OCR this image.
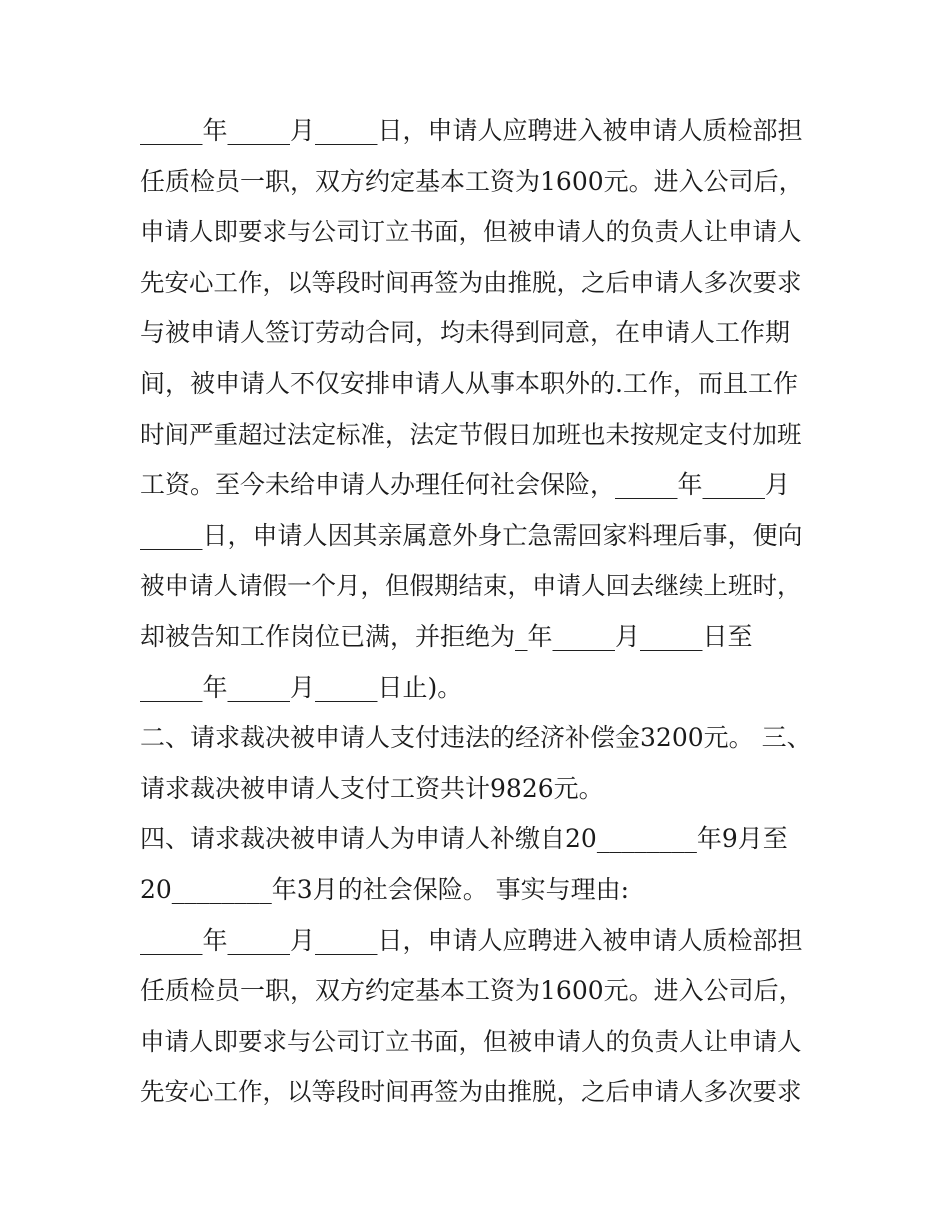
_____年_____月_____日，申请人应聘进入被申请人质检部担

任质检员一职，双方约定基本工资为1600元。进入公司后，

申请人即要求与公司订立书面，但被申请人的负责人让申请人

先安心工作，以等段时间再签为由推脱，之后申请人多次要求

与被申请人签订劳动合同，均未得到同意，在申请人工作期

间，被申请人不仅安排申请人从事本职外的.工作，而且工作

时间严重超过法定标准，法定节假日加班也未按规定支付加班

工资。至今未给申请人办理任何社会保险，_____年_____月

_____日，申请人因其亲属意外身亡急需回家料理后事，便向

被申请人请假一个月，但假期结束，申请人回去继续上班时，

却被告知工作岗位已满，并拒绝为_年_____月_____日至

_____年_____月_____日止)。

二、请求裁决被申请人支付违法的经济补偿金3200元。 三、

请求裁决被申请人支付工资共计9826元。

四、请求裁决被申请人为申请人补缴自20________年9月至

20________年3月的社会保险。 事实与理由:

_____年_____月_____日，申请人应聘进入被申请人质检部担

任质检员一职，双方约定基本工资为1600元。进入公司后，

申请人即要求与公司订立书面，但被申请人的负责人让申请人

先安心工作，以等段时间再签为由推脱，之后申请人多次要求
